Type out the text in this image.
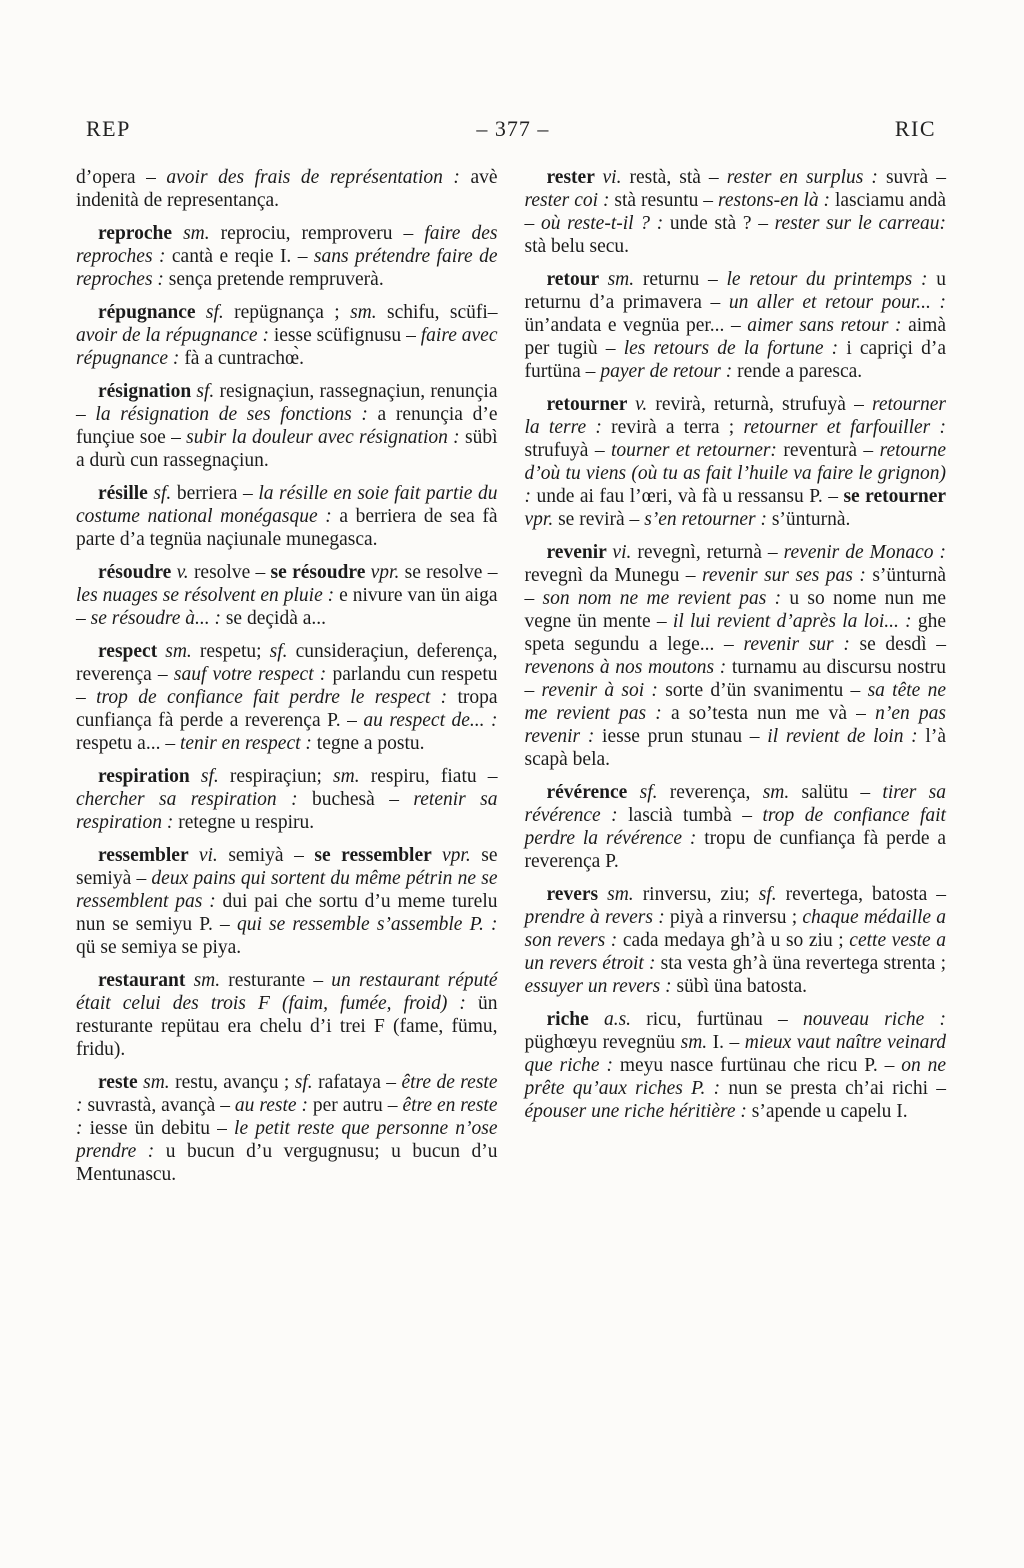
REP	– 377 –	RIC

d’opera – avoir des frais de représentation : avè indenità de representança.

reproche sm. reprociu, remproveru – faire des reproches : cantà e reqie I. – sans prétendre faire de reproches : sença pretende rempruverà.

répugnance sf. repügnança ; sm. schifu, scüfi– avoir de la répugnance : iesse scüfignusu – faire avec répugnance : fà a cuntrachœ̀.

résignation sf. resignaçiun, rassegnaçiun, renunçia – la résignation de ses fonctions : a renunçia d’e funçiue soe – subir la douleur avec résignation : sübì a durù cun rassegnaçiun.

résille sf. berriera – la résille en soie fait partie du costume national monégasque : a berriera de sea fà parte d’a tegnüa naçiunale munegasca.

résoudre v. resolve – se résoudre vpr. se resolve – les nuages se résolvent en pluie : e nivure van ün aiga – se résoudre à... : se deçidà a...

respect sm. respetu; sf. cunsideraçiun, deferença, reverença – sauf votre respect : parlandu cun respetu – trop de confiance fait perdre le respect : tropa cunfiança fà perde a reverença P. – au respect de... : respetu a... – tenir en respect : tegne a postu.

respiration sf. respiraçiun; sm. respiru, fiatu – chercher sa respiration : buchesà – retenir sa respiration : retegne u respiru.

ressembler vi. semiyà – se ressembler vpr. se semiyà – deux pains qui sortent du même pétrin ne se ressemblent pas : dui pai che sortu d’u meme turelu nun se semiyu P. – qui se ressemble s’assemble P. : qü se semiya se piya.

restaurant sm. resturante – un restaurant réputé était celui des trois F (faim, fumée, froid) : ün resturante repütau era chelu d’i trei F (fame, fümu, fridu).

reste sm. restu, avançu ; sf. rafataya – être de reste : suvrastà, avançà – au reste : per autru – être en reste : iesse ün debitu – le petit reste que personne n’ose prendre : u bucun d’u vergugnusu; u bucun d’u Mentunascu.

rester vi. restà, stà – rester en surplus : suvrà – rester coi : stà resuntu – restons-en là : lasciamu andà – où reste-t-il ? : unde stà ? – rester sur le carreau: stà belu secu.

retour sm. returnu – le retour du printemps : u returnu d’a primavera – un aller et retour pour... : ün’andata e vegnüa per... – aimer sans retour : aimà per tugiù – les retours de la fortune : i capriçi d’a furtüna – payer de retour : rende a paresca.

retourner v. revirà, returnà, strufuyà – retourner la terre : revirà a terra ; retourner et farfouiller : strufuyà – tourner et retourner: reventurà – retourne d’où tu viens (où tu as fait l’huile va faire le grignon) : unde ai fau l’œri, và fà u ressansu P. – se retourner vpr. se revirà – s’en retourner : s’ünturnà.

revenir vi. revegnì, returnà – revenir de Monaco : revegnì da Munegu – revenir sur ses pas : s’ünturnà – son nom ne me revient pas : u so nome nun me vegne ün mente – il lui revient d’après la loi... : ghe speta segundu a lege... – revenir sur : se desdì – revenons à nos moutons : turnamu au discursu nostru – revenir à soi : sorte d’ün svanimentu – sa tête ne me revient pas : a so’testa nun me và – n’en pas revenir : iesse prun stunau – il revient de loin : l’à scapà bela.

révérence sf. reverença, sm. salütu – tirer sa révérence : lascià tumbà – trop de confiance fait perdre la révérence : tropu de cunfiança fà perde a reverença P.

revers sm. rinversu, ziu; sf. revertega, batosta – prendre à revers : piyà a rinversu ; chaque médaille a son revers : cada medaya gh’à u so ziu ; cette veste a un revers étroit : sta vesta gh’à üna revertega strenta ; essuyer un revers : sübì üna batosta.

riche a.s. ricu, furtünau – nouveau riche : püghœyu revegnüu sm. I. – mieux vaut naître veinard que riche : meyu nasce furtünau che ricu P. – on ne prête qu’aux riches P. : nun se presta ch’ai richi – épouser une riche héritière : s’apende u capelu I.
